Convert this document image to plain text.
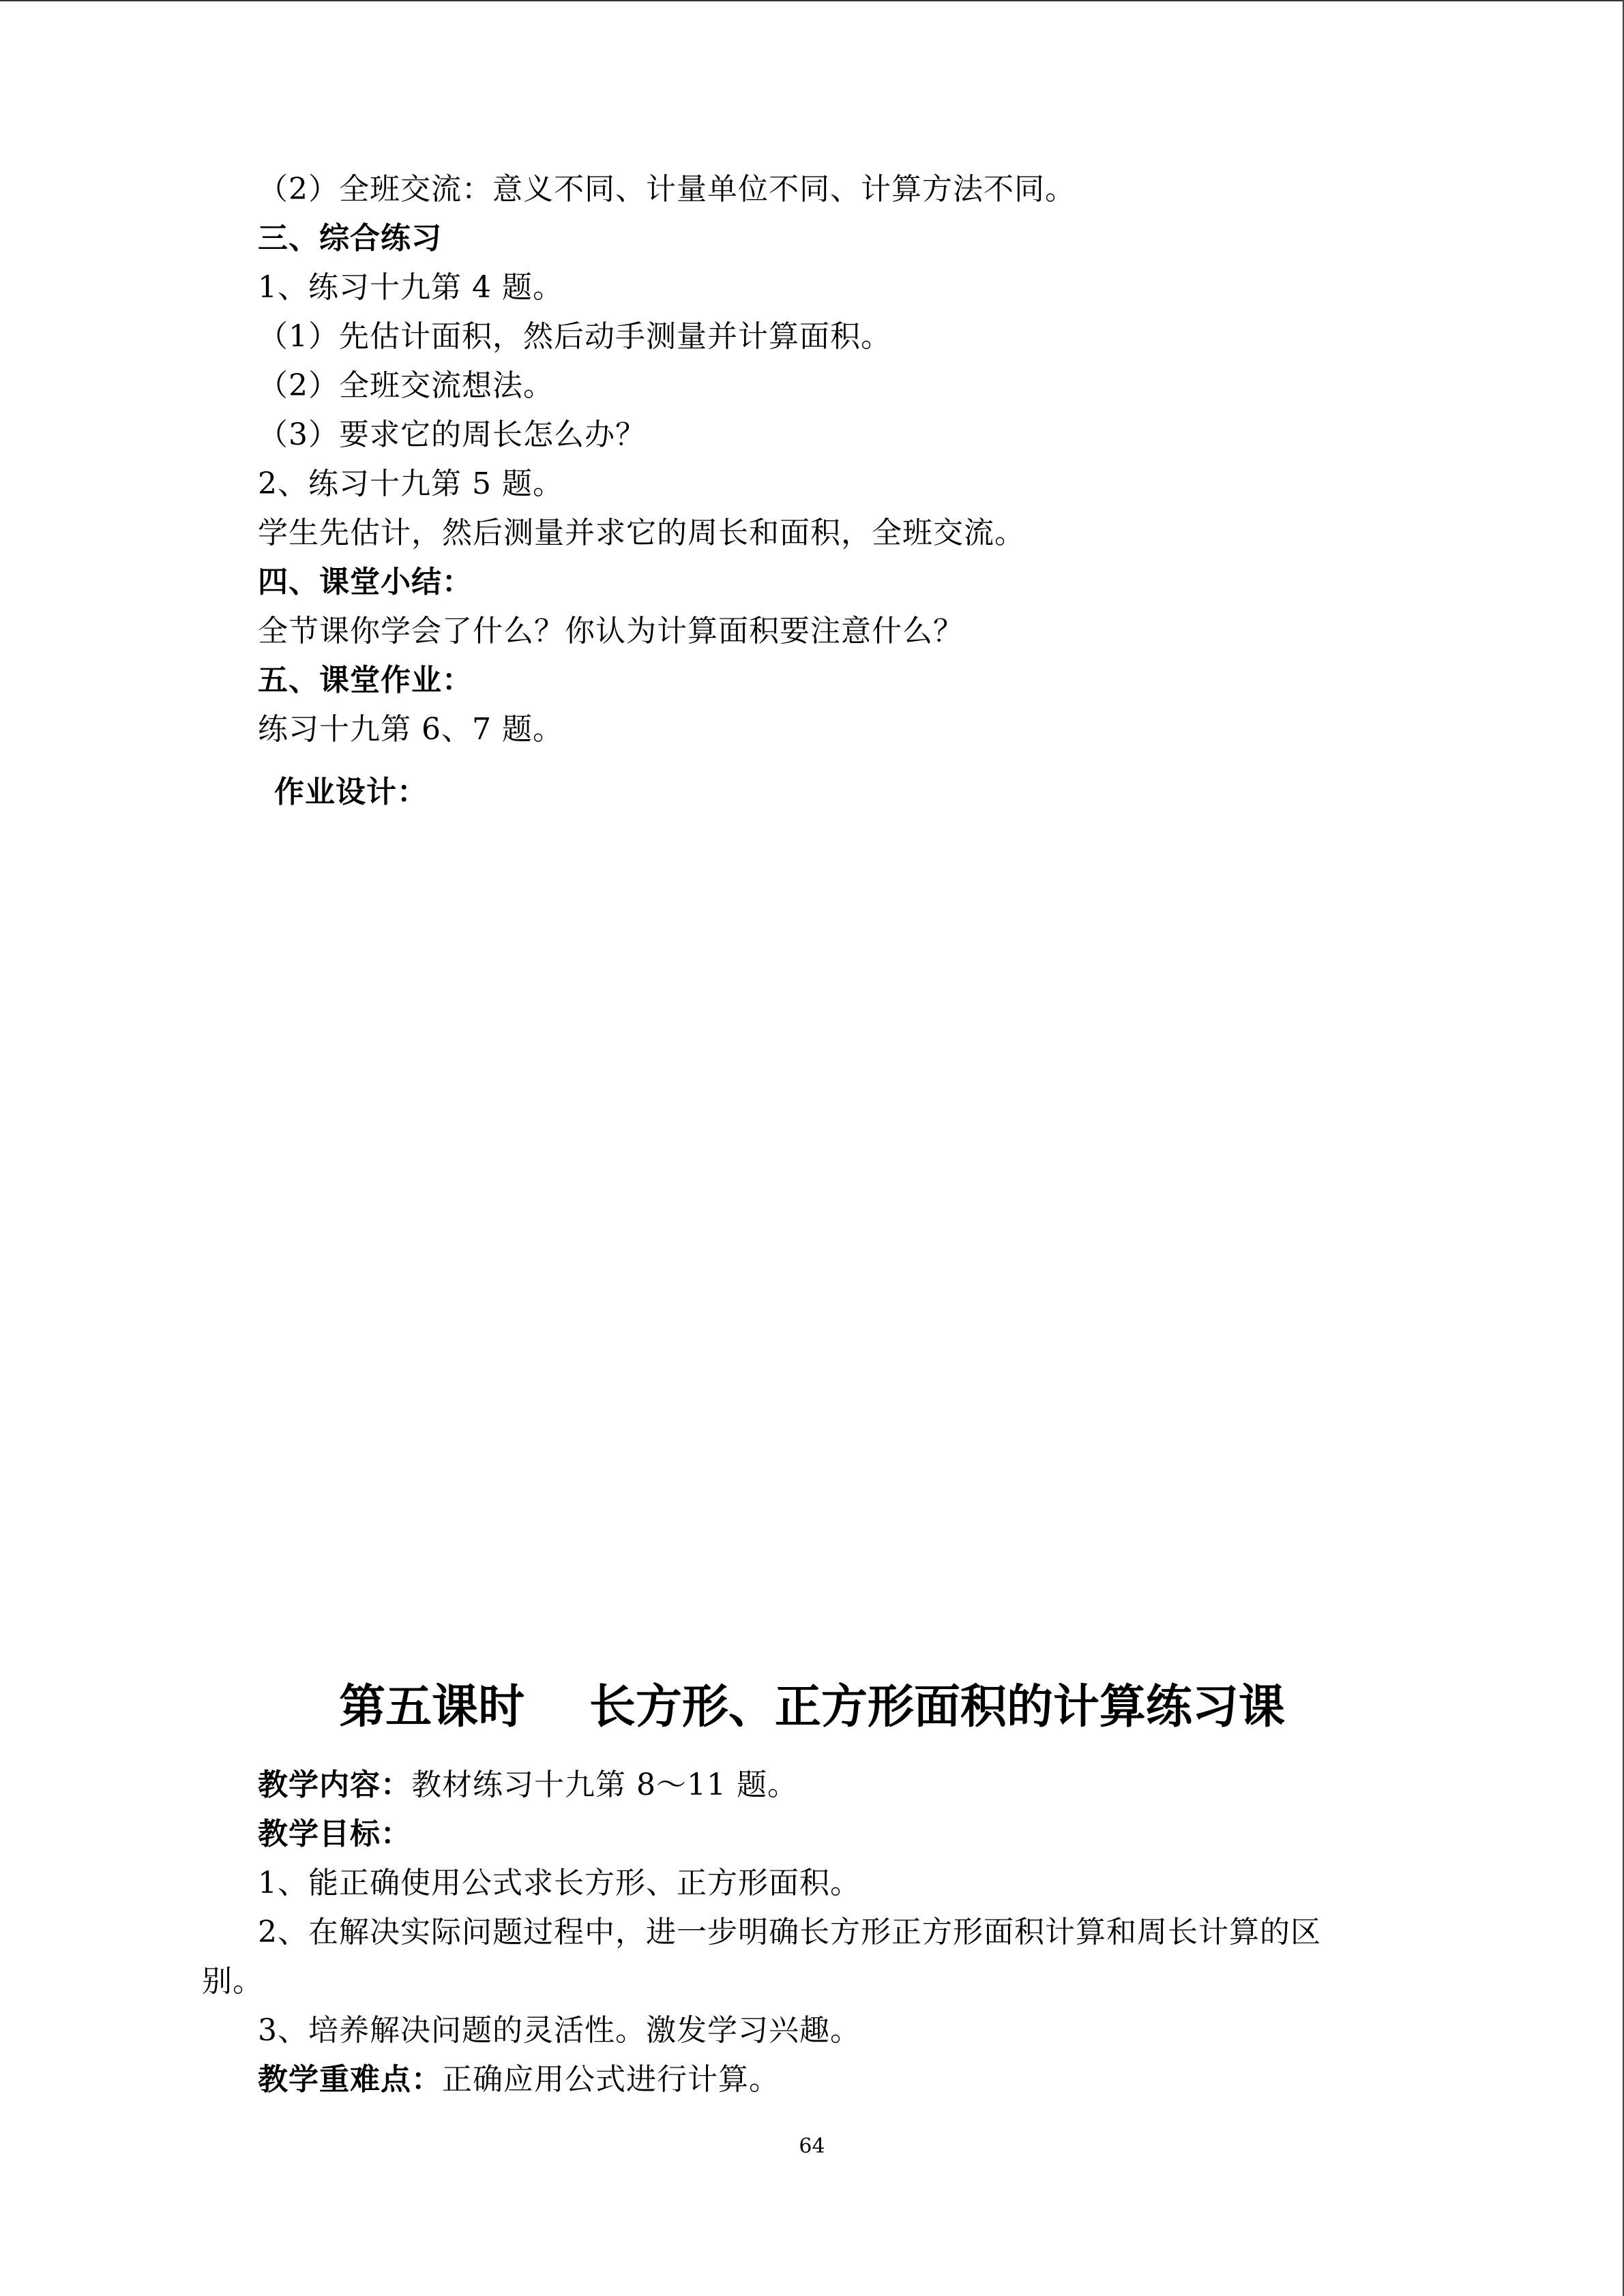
（2）全班交流：意义不同、计量单位不同、计算方法不同。
三、综合练习
1、练习十九第 4 题。
（1）先估计面积，然后动手测量并计算面积。
（2）全班交流想法。
（3）要求它的周长怎么办？
2、练习十九第 5 题。
学生先估计，然后测量并求它的周长和面积，全班交流。
四、课堂小结：
全节课你学会了什么？你认为计算面积要注意什么？
五、课堂作业：
练习十九第 6、7 题。
作业设计：
第五课时    长方形、正方形面积的计算练习课
教学内容：教材练习十九第 8～11 题。
教学目标：
1、能正确使用公式求长方形、正方形面积。
2、在解决实际问题过程中，进一步明确长方形正方形面积计算和周长计算的区
别。
3、培养解决问题的灵活性。激发学习兴趣。
教学重难点：正确应用公式进行计算。
64
